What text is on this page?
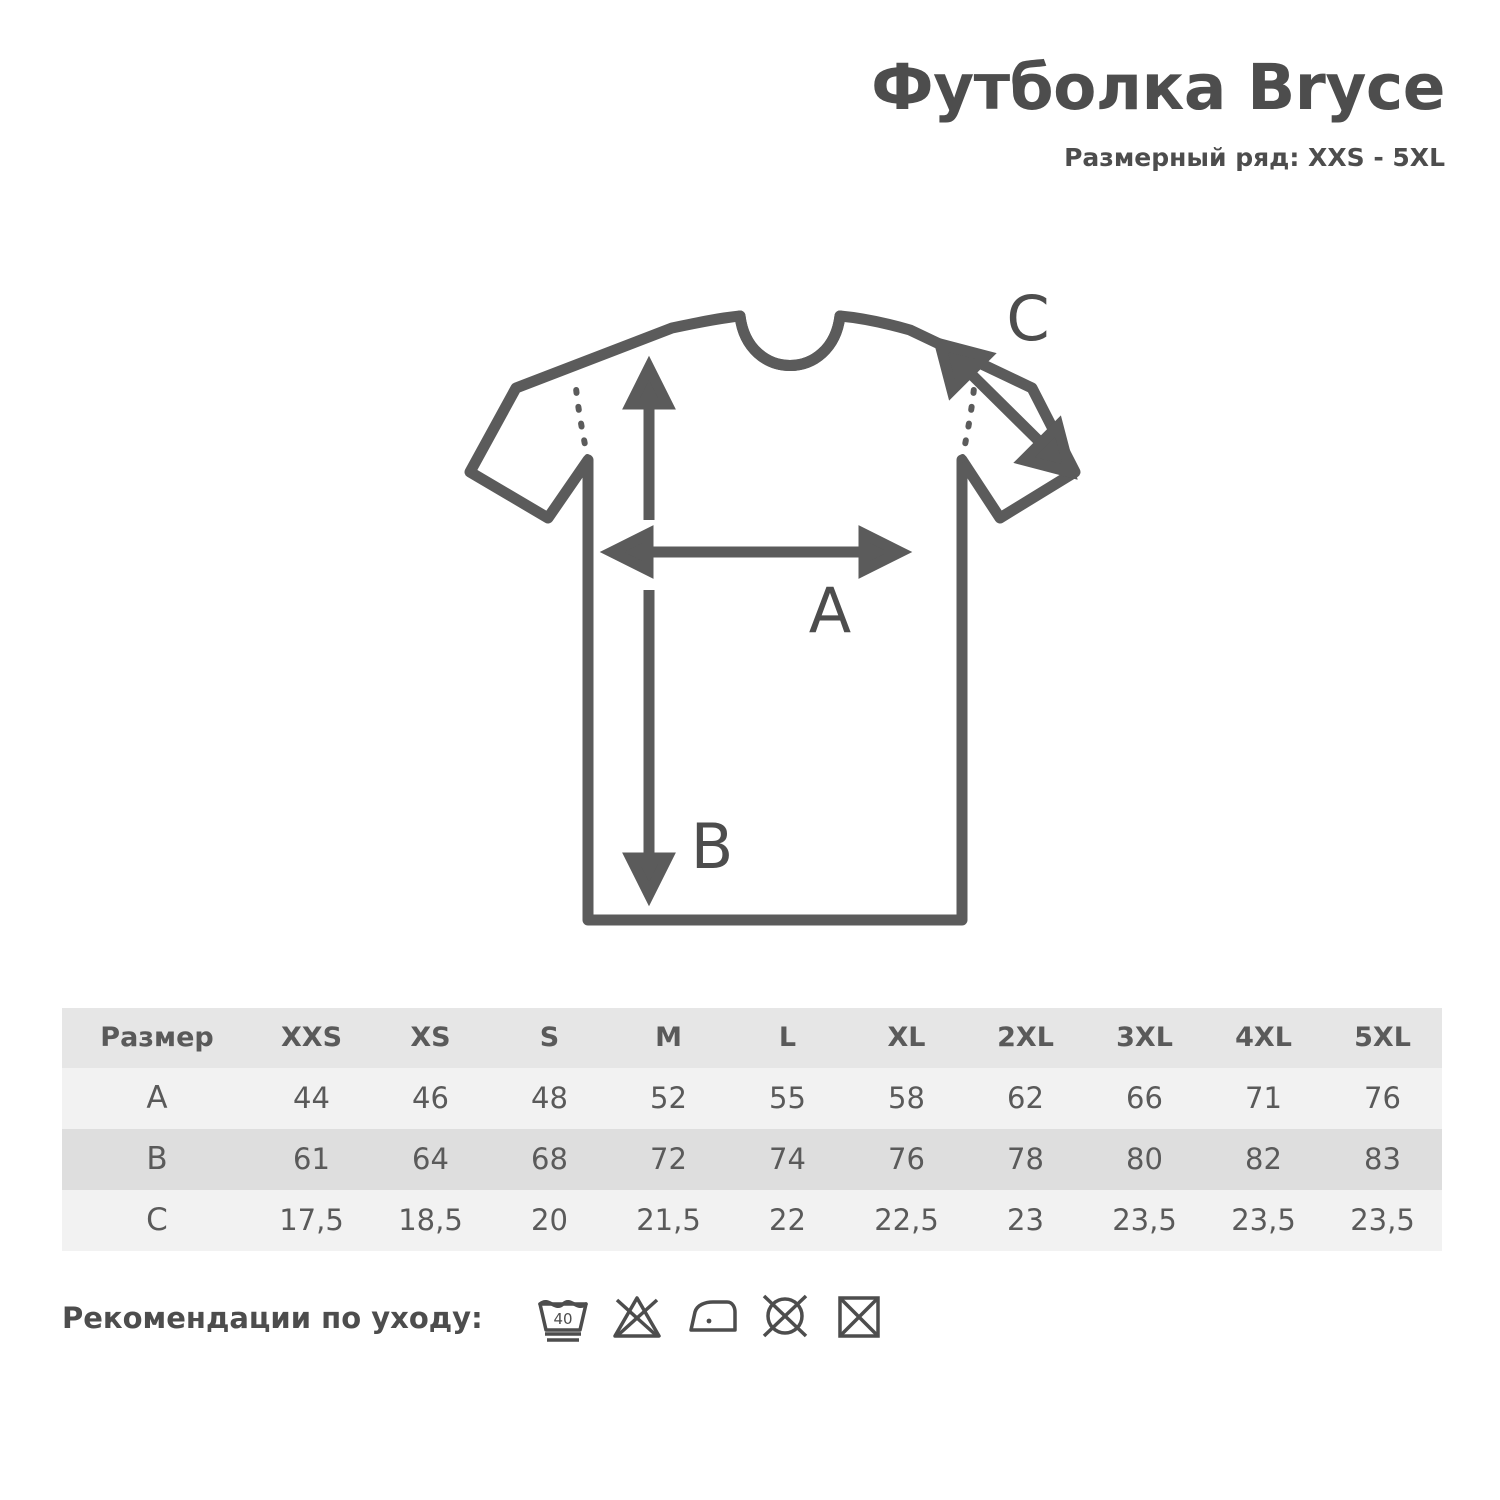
Футболка Bryce
Размерный ряд: XXS - 5XL
A
B
C
Размер	XXS	XS	S	M	L	XL	2XL	3XL	4XL	5XL
A	44	46	48	52	55	58	62	66	71	76
B	61	64	68	72	74	76	78	80	82	83
C	17,5	18,5	20	21,5	22	22,5	23	23,5	23,5	23,5
Рекомендации по уходу:	40
